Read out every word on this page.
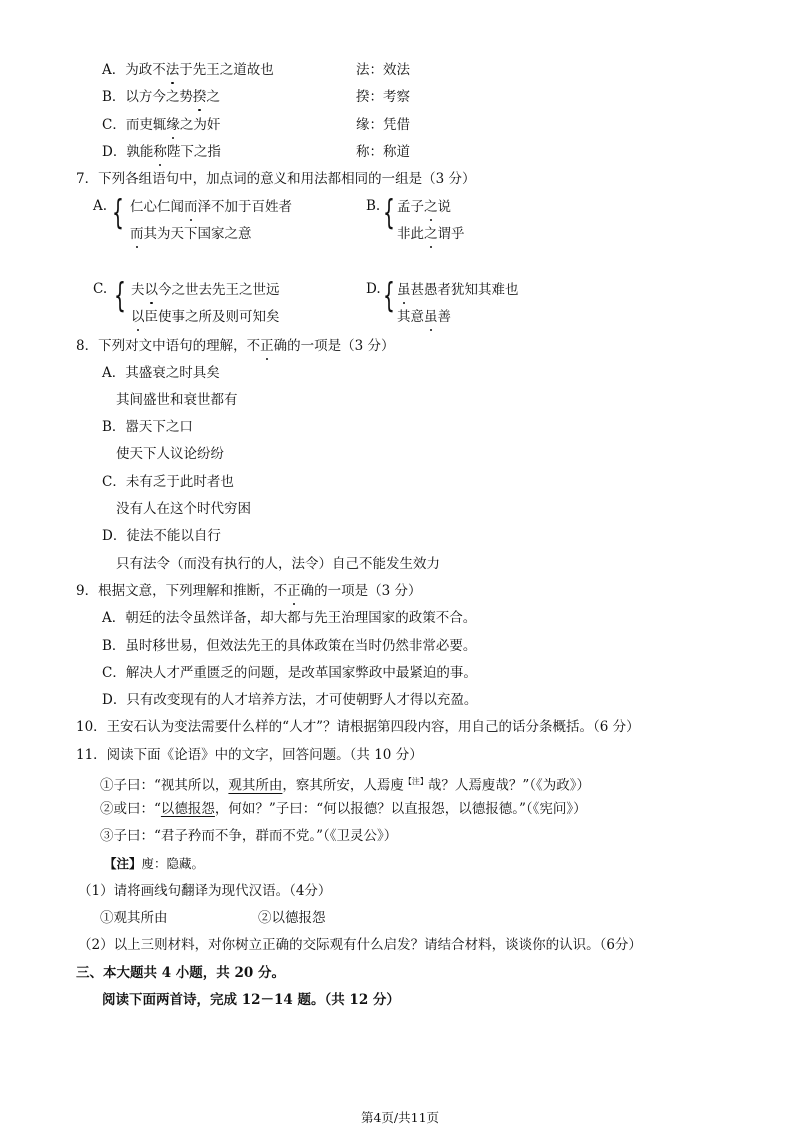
A．为政不法于先王之道故也	法：效法
B．以方今之势揆之	揆：考察
C．而吏辄缘之为奸	缘：凭借
D．孰能称陛下之指	称：称道
7．下列各组语句中，加点词的意义和用法都相同的一组是（3 分）
A. { 仁心仁闻而泽不加于百姓者
而其为天下国家之意
B. { 孟子之说
非此之谓乎
C. { 夫以今之世去先王之世远
以臣使事之所及则可知矣
D. { 虽甚愚者犹知其难也
其意虽善
8．下列对文中语句的理解，不正确的一项是（3 分）
A．其盛衰之时具矣
其间盛世和衰世都有
B．嚣天下之口
使天下人议论纷纷
C．未有乏于此时者也
没有人在这个时代穷困
D．徒法不能以自行
只有法令（而没有执行的人，法令）自己不能发生效力
9．根据文意，下列理解和推断，不正确的一项是（3 分）
A．朝廷的法令虽然详备，却大都与先王治理国家的政策不合。
B．虽时移世易，但效法先王的具体政策在当时仍然非常必要。
C．解决人才严重匮乏的问题，是改革国家弊政中最紧迫的事。
D．只有改变现有的人才培养方法，才可使朝野人才得以充盈。
10．王安石认为变法需要什么样的“人才”？请根据第四段内容，用自己的话分条概括。（6 分）
11．阅读下面《论语》中的文字，回答问题。（共 10 分）
①子曰：“视其所以，观其所由，察其所安，人焉廋$^{【注】}$哉？人焉廋哉？”（《为政》）
②或曰：“以德报怨，何如？”子曰：“何以报德？以直报怨，以德报德。”（《宪问》）
③子曰：“君子矜而不争，群而不党。”（《卫灵公》）
【注】廋：隐藏。
（1）请将画线句翻译为现代汉语。（4分）
①观其所由	②以德报怨
（2）以上三则材料，对你树立正确的交际观有什么启发？请结合材料，谈谈你的认识。（6分）
三、本大题共 4 小题，共 20 分。
阅读下面两首诗，完成 12－14 题。（共 12 分）
第4页/共11页
